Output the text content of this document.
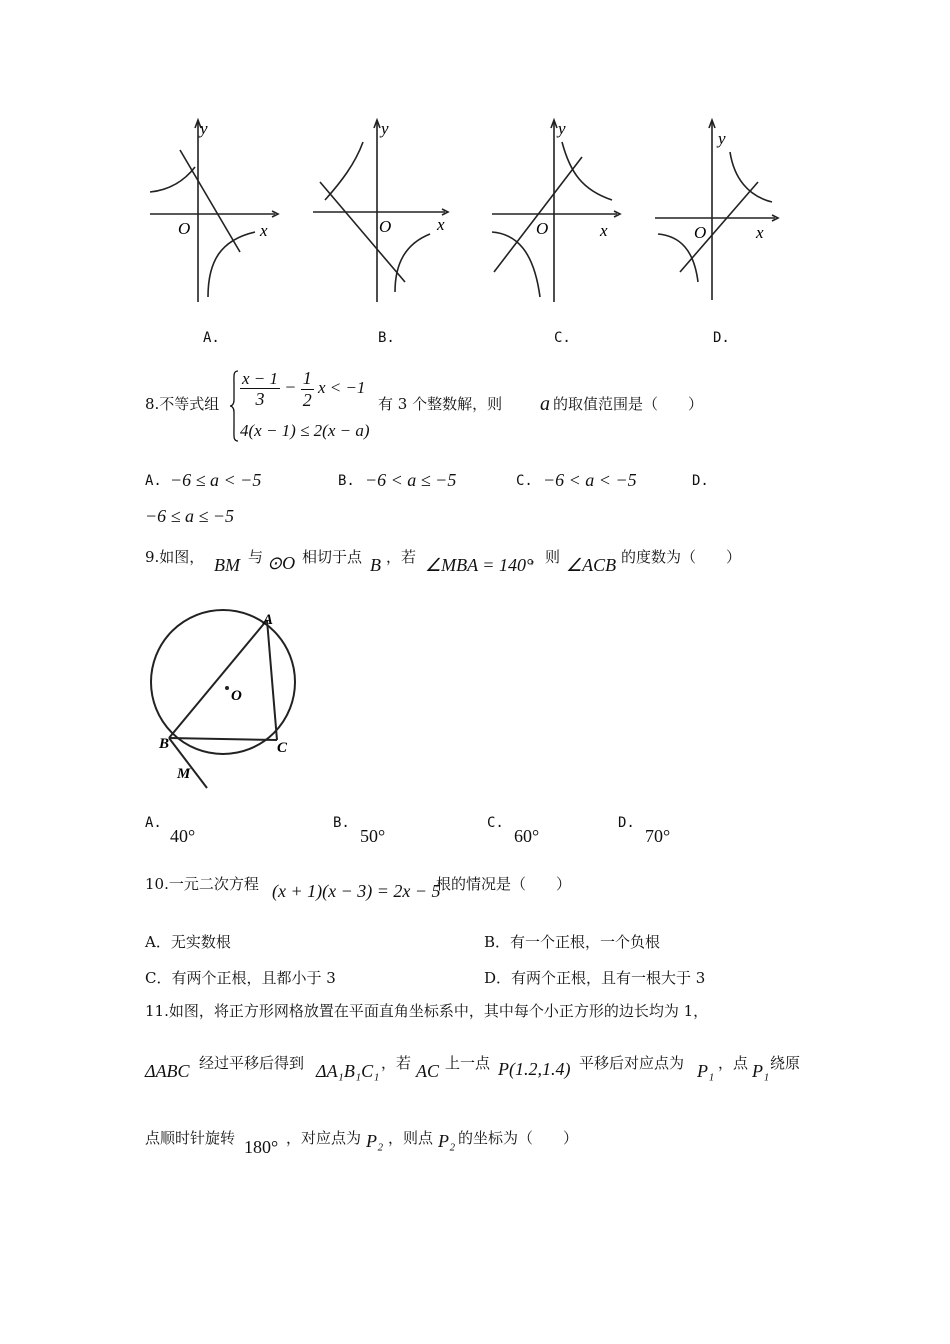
y
x
O
y
x
O
y
x
O
y
x
O
A.	B.	C.	D.
8.不等式组 $\frac{x - 1}{3} - \frac{1}{2}$ x < −1
4(x − 1) ≤ 2(x − a)
有 3 个整数解，则 a 的取值范围是（　　）
A. −6 ≤ a < −5	B. −6 < a ≤ −5	C. −6 < a < −5	D.
−6 ≤ a ≤ −5
9.如图， BM 与 ⊙O 相切于点 B ，若 ∠MBA = 140°
，则 ∠ACB 的度数为（　　）
A
B	C
O
M
A.
40°
B.
50°
C.
60°
D.
70°
10.一元二次方程 (x + 1)(x − 3) = 2x − 5
根的情况是（　　）
A．无实数根	B．有一个正根，一个负根
C．有两个正根，且都小于 3	D．有两个正根，且有一根大于 3
11.如图，将正方形网格放置在平面直角坐标系中，其中每个小正方形的边长均为 1，
ΔABC 经过平移后得到 ΔA₁B₁C₁ ，若 AC 上一点 P(1.2,1.4) 平移后对应点为 P₁ ，点 P₁ 绕原
点顺时针旋转 180° ，对应点为 P₂ ，则点 P₂ 的坐标为（　　）
